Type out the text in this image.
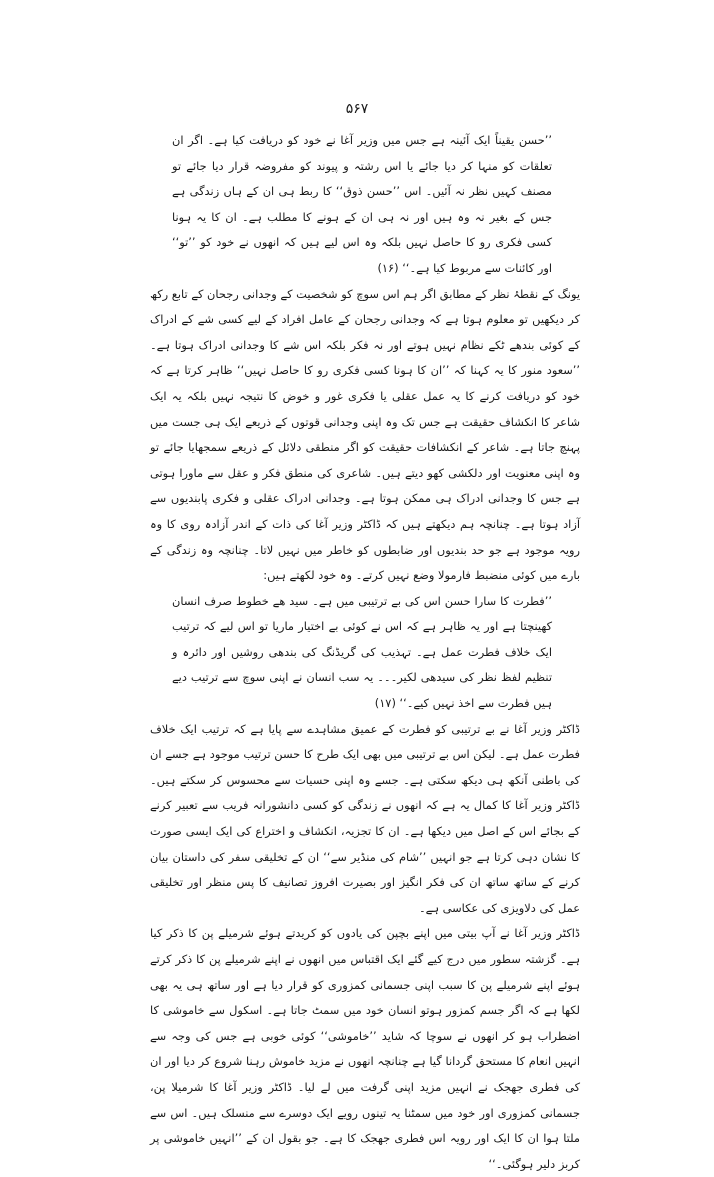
۵۶۷

’’حسن یقیناً ایک آئینہ ہے جس میں وزیر آغا نے خود کو دریافت کیا ہے۔ اگر ان تعلقات کو منہا کر دیا جائے یا اس رشتہ و پیوند کو مفروضہ قرار دیا جائے تو مصنف کہیں نظر نہ آئیں۔ اس ’’حسن ذوق‘‘ کا ربط ہی ان کے ہاں زندگی ہے جس کے بغیر نہ وہ ہیں اور نہ ہی ان کے ہونے کا مطلب ہے۔ ان کا یہ ہونا کسی فکری رو کا حاصل نہیں بلکہ وہ اس لیے ہیں کہ انھوں نے خود کو ’’تو‘‘ اور کائنات سے مربوط کیا ہے۔‘‘ (۱۶)

یونگ کے نقطۂ نظر کے مطابق اگر ہم اس سوچ کو شخصیت کے وجدانی رجحان کے تابع رکھ کر دیکھیں تو معلوم ہوتا ہے کہ وجدانی رجحان کے عامل افراد کے لیے کسی شے کے ادراک کے کوئی بندھے ٹکے نظام نہیں ہوتے اور نہ فکر بلکہ اس شے کا وجدانی ادراک ہوتا ہے۔ ’’سعود منور کا یہ کہنا کہ ’’ان کا ہونا کسی فکری رو کا حاصل نہیں‘‘ ظاہر کرتا ہے کہ خود کو دریافت کرنے کا یہ عمل عقلی یا فکری غور و خوض کا نتیجہ نہیں بلکہ یہ ایک شاعر کا انکشاف حقیقت ہے جس تک وہ اپنی وجدانی قوتوں کے ذریعے ایک ہی جست میں پہنچ جاتا ہے۔ شاعر کے انکشافات حقیقت کو اگر منطقی دلائل کے ذریعے سمجھایا جائے تو وہ اپنی معنویت اور دلکشی کھو دیتے ہیں۔ شاعری کی منطق فکر و عقل سے ماورا ہوتی ہے جس کا وجدانی ادراک ہی ممکن ہوتا ہے۔ وجدانی ادراک عقلی و فکری پابندیوں سے آزاد ہوتا ہے۔ چنانچہ ہم دیکھتے ہیں کہ ڈاکٹر وزیر آغا کی ذات کے اندر آزادہ روی کا وہ رویہ موجود ہے جو حد بندیوں اور ضابطوں کو خاطر میں نہیں لاتا۔ چنانچہ وہ زندگی کے بارے میں کوئی منضبط فارمولا وضع نہیں کرتے۔ وہ خود لکھتے ہیں:

’’فطرت کا سارا حسن اس کی بے ترتیبی میں ہے۔ سید ھے خطوط صرف انسان کھینچتا ہے اور یہ ظاہر ہے کہ اس نے کوئی بے اختیار ماریا تو اس لیے کہ ترتیب ایک خلاف فطرت عمل ہے۔ تہذیب کی گریڈنگ کی بندھی روشیں اور دائرہ و تنظیم لفظ نظر کی سیدھی لکیر۔۔۔ یہ سب انسان نے اپنی سوچ سے ترتیب دیے ہیں فطرت سے اخذ نہیں کیے۔‘‘ (۱۷)

ڈاکٹر وزیر آغا نے بے ترتیبی کو فطرت کے عمیق مشاہدے سے پایا ہے کہ ترتیب ایک خلاف فطرت عمل ہے۔ لیکن اس بے ترتیبی میں بھی ایک طرح کا حسن ترتیب موجود ہے جسے ان کی باطنی آنکھ ہی دیکھ سکتی ہے۔ جسے وہ اپنی حسیات سے محسوس کر سکتے ہیں۔ ڈاکٹر وزیر آغا کا کمال یہ ہے کہ انھوں نے زندگی کو کسی دانشورانہ فریب سے تعبیر کرنے کے بجائے اس کے اصل میں دیکھا ہے۔ ان کا تجزیہ، انکشاف و اختراع کی ایک ایسی صورت کا نشان دہی کرتا ہے جو انہیں ’’شام کی منڈیر سے‘‘ ان کے تخلیقی سفر کی داستان بیان کرنے کے ساتھ ساتھ ان کی فکر انگیز اور بصیرت افروز تصانیف کا پس منظر اور تخلیقی عمل کی دلاویزی کی عکاسی ہے۔

ڈاکٹر وزیر آغا نے آپ بیتی میں اپنے بچپن کی یادوں کو کریدتے ہوئے شرمیلے پن کا ذکر کیا ہے۔ گزشتہ سطور میں درج کیے گئے ایک اقتباس میں انھوں نے اپنے شرمیلے پن کا ذکر کرتے ہوئے اپنے شرمیلے پن کا سبب اپنی جسمانی کمزوری کو قرار دیا ہے اور ساتھ ہی یہ بھی لکھا ہے کہ اگر جسم کمزور ہوتو انسان خود میں سمٹ جاتا ہے۔ اسکول سے خاموشی کا اضطراب ہو کر انھوں نے سوچا کہ شاید ’’خاموشی‘‘ کوئی خوبی ہے جس کی وجہ سے انہیں انعام کا مستحق گردانا گیا ہے چنانچہ انھوں نے مزید خاموش رہنا شروع کر دیا اور ان کی فطری جھجک نے انہیں مزید اپنی گرفت میں لے لیا۔ ڈاکٹر وزیر آغا کا شرمیلا پن، جسمانی کمزوری اور خود میں سمٹنا یہ تینوں رویے ایک دوسرے سے منسلک ہیں۔ اس سے ملتا ہوا ان کا ایک اور رویہ اس فطری جھجک کا ہے۔ جو بقول ان کے ’’انہیں خاموشی پر کربز دلیر ہوگئی۔‘‘
